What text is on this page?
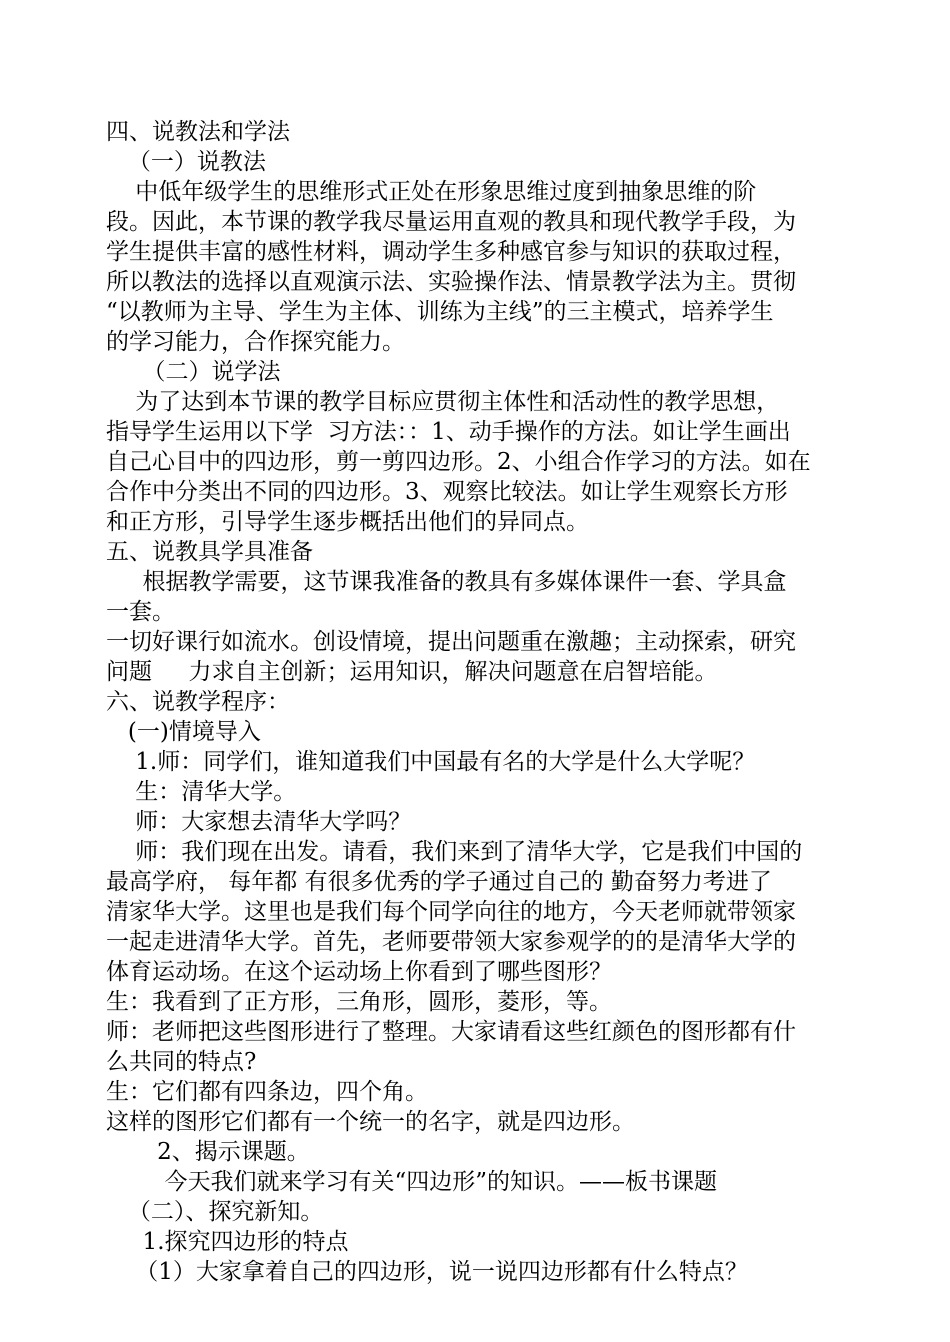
四、说教法和学法

（一）说教法

中低年级学生的思维形式正处在形象思维过度到抽象思维的阶

段。因此，本节课的教学我尽量运用直观的教具和现代教学手段，为

学生提供丰富的感性材料，调动学生多种感官参与知识的获取过程，

所以教法的选择以直观演示法、实验操作法、情景教学法为主。贯彻

“以教师为主导、学生为主体、训练为主线”的三主模式，培养学生

的学习能力，合作探究能力。

（二）说学法

为了达到本节课的教学目标应贯彻主体性和活动性的教学思想，

指导学生运用以下学  习方法：：1、动手操作的方法。如让学生画出

自己心目中的四边形，剪一剪四边形。2、小组合作学习的方法。如在

合作中分类出不同的四边形。3、观察比较法。如让学生观察长方形

和正方形，引导学生逐步概括出他们的异同点。

五、说教具学具准备

根据教学需要，这节课我准备的教具有多媒体课件一套、学具盒

一套。

一切好课行如流水。创设情境，提出问题重在激趣；主动探索，研究

问题     力求自主创新；运用知识，解决问题意在启智培能。

六、说教学程序：

(一)情境导入

1.师：同学们，谁知道我们中国最有名的大学是什么大学呢？

生：清华大学。

师：大家想去清华大学吗？

师：我们现在出发。请看，我们来到了清华大学，它是我们中国的

最高学府， 每年都 有很多优秀的学子通过自己的 勤奋努力考进了

清家华大学。这里也是我们每个同学向往的地方，今天老师就带领家

一起走进清华大学。首先，老师要带领大家参观学的的是清华大学的

体育运动场。在这个运动场上你看到了哪些图形？

生：我看到了正方形，三角形，圆形，菱形，等。

师：老师把这些图形进行了整理。大家请看这些红颜色的图形都有什

么共同的特点?

生：它们都有四条边，四个角。

这样的图形它们都有一个统一的名字，就是四边形。

2、揭示课题。

今天我们就来学习有关“四边形”的知识。——板书课题

（二）、探究新知。

1.探究四边形的特点

（1）大家拿着自己的四边形，说一说四边形都有什么特点？
